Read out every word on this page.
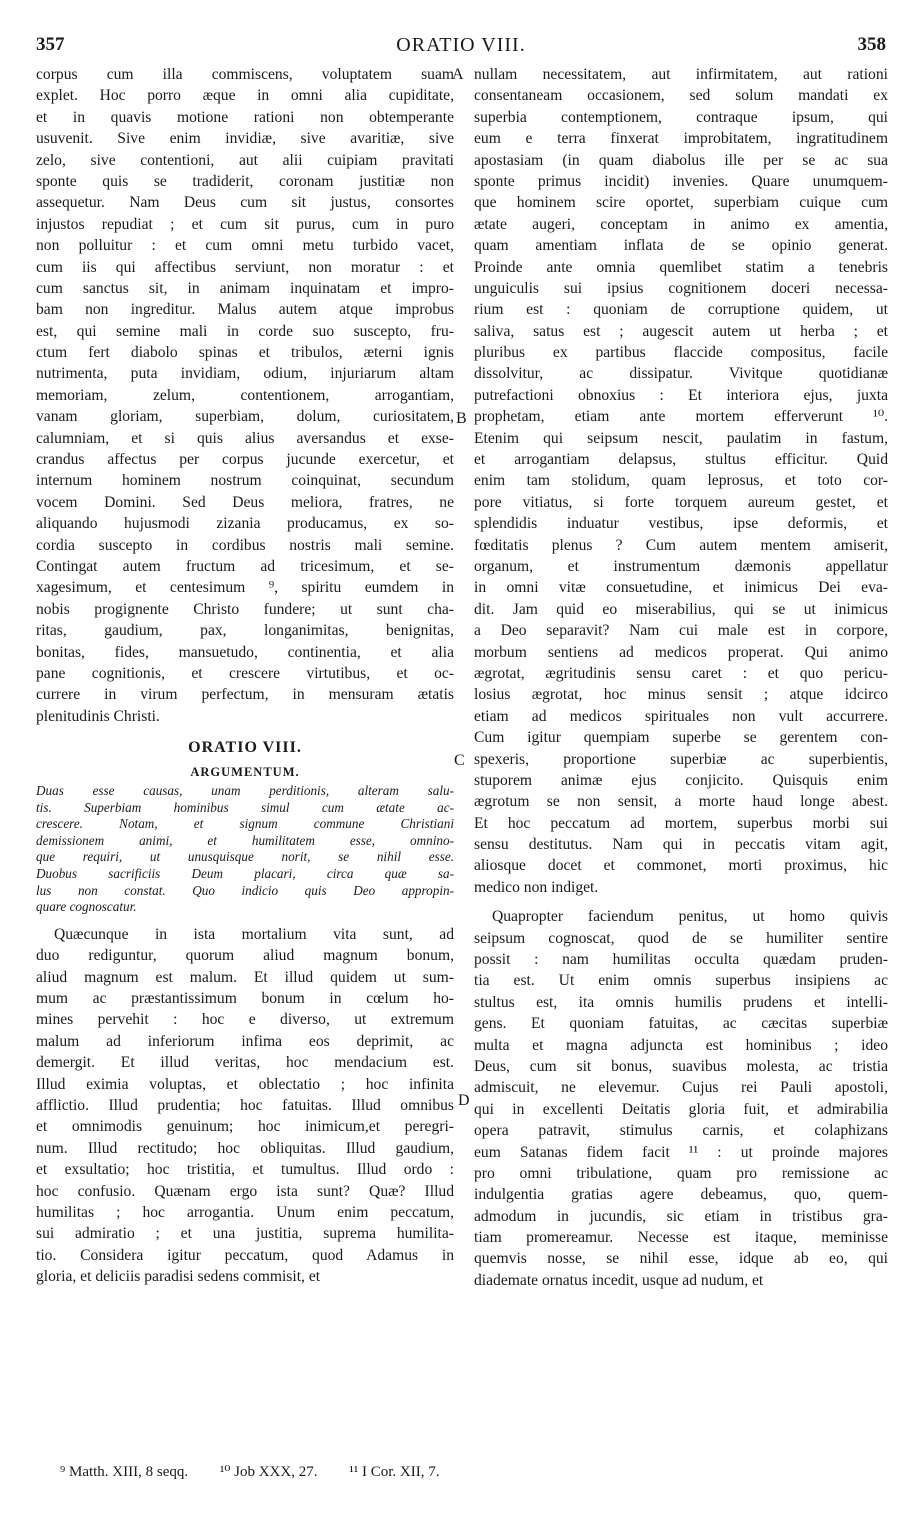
357	ORATIO VIII.	358
corpus cum illa commiscens, voluptatem suam
explet. Hoc porro æque in omni alia cupiditate,
et in quavis motione rationi non obtemperante
usuvenit. Sive enim invidiæ, sive avaritiæ, sive
zelo, sive contentioni, aut alii cuipiam pravitati
sponte quis se tradiderit, coronam justitiæ non
assequetur. Nam Deus cum sit justus, consortes
injustos repudiat ; et cum sit purus, cum in puro
non polluitur : et cum omni metu turbido vacet,
cum iis qui affectibus serviunt, non moratur : et
cum sanctus sit, in animam inquinatam et impro-
bam non ingreditur. Malus autem atque improbus
est, qui semine mali in corde suo suscepto, fru-
ctum fert diabolo spinas et tribulos, æterni ignis
nutrimenta, puta invidiam, odium, injuriarum altam
memoriam, zelum, contentionem, arrogantiam,
vanam gloriam, superbiam, dolum, curiositatem,
calumniam, et si quis alius aversandus et exse-
crandus affectus per corpus jucunde exercetur, et
internum hominem nostrum coinquinat, secundum
vocem Domini. Sed Deus meliora, fratres, ne
aliquando hujusmodi zizania producamus, ex so-
cordia suscepto in cordibus nostris mali semine.
Contingat autem fructum ad tricesimum, et se-
xagesimum, et centesimum ⁹, spiritu eumdem in
nobis progignente Christo fundere; ut sunt cha-
ritas, gaudium, pax, longanimitas, benignitas,
bonitas, fides, mansuetudo, continentia, et alia
pane cognitionis, et crescere virtutibus, et oc-
currere in virum perfectum, in mensuram ætatis
plenitudinis Christi.
ORATIO VIII.
ARGUMENTUM.
Duas esse causas, unam perditionis, alteram salu-
tis. Superbiam hominibus simul cum ætate ac-
crescere. Notam, et signum commune Christiani
demissionem animi, et humilitatem esse, omnino-
que requiri, ut unusquisque norit, se nihil esse.
Duobus sacrificiis Deum placari, circa quæ sa-
lus non constat. Quo indicio quis Deo appropin-
quare cognoscatur.
Quæcunque in ista mortalium vita sunt, ad
duo rediguntur, quorum aliud magnum bonum,
aliud magnum est malum. Et illud quidem ut sum-
mum ac præstantissimum bonum in cœlum ho-
mines pervehit : hoc e diverso, ut extremum
malum ad inferiorum infima eos deprimit, ac
demergit. Et illud veritas, hoc mendacium est.
Illud eximia voluptas, et oblectatio ; hoc infinita
afflictio. Illud prudentia; hoc fatuitas. Illud omnibus
et omnimodis genuinum; hoc inimicum,et peregri-
num. Illud rectitudo; hoc obliquitas. Illud gaudium,
et exsultatio; hoc tristitia, et tumultus. Illud ordo :
hoc confusio. Quænam ergo ista sunt? Quæ? Illud
humilitas ; hoc arrogantia. Unum enim peccatum,
sui admiratio ; et una justitia, suprema humilita-
tio. Considera igitur peccatum, quod Adamus in
gloria, et deliciis paradisi sedens commisit, et
nullam necessitatem, aut infirmitatem, aut rationi
consentaneam occasionem, sed solum mandati ex
superbia contemptionem, contraque ipsum, qui
eum e terra finxerat improbitatem, ingratitudinem
apostasiam (in quam diabolus ille per se ac sua
sponte primus incidit) invenies. Quare unumquem-
que hominem scire oportet, superbiam cuique cum
ætate augeri, conceptam in animo ex amentia,
quam amentiam inflata de se opinio generat.
Proinde ante omnia quemlibet statim a tenebris
unguiculis sui ipsius cognitionem doceri necessa-
rium est : quoniam de corruptione quidem, ut
saliva, satus est ; augescit autem ut herba ; et
pluribus ex partibus flaccide compositus, facile
dissolvitur, ac dissipatur. Vivitque quotidianæ
putrefactioni obnoxius : Et interiora ejus, juxta
prophetam, etiam ante mortem efferverunt ¹⁰.
Etenim qui seipsum nescit, paulatim in fastum,
et arrogantiam delapsus, stultus efficitur. Quid
enim tam stolidum, quam leprosus, et toto cor-
pore vitiatus, si forte torquem aureum gestet, et
splendidis induatur vestibus, ipse deformis, et
fœditatis plenus ? Cum autem mentem amiserit,
organum, et instrumentum dæmonis appellatur
in omni vitæ consuetudine, et inimicus Dei eva-
dit. Jam quid eo miserabilius, qui se ut inimicus
a Deo separavit? Nam cui male est in corpore,
morbum sentiens ad medicos properat. Qui animo
ægrotat, ægritudinis sensu caret : et quo pericu-
losius ægrotat, hoc minus sensit ; atque idcirco
etiam ad medicos spirituales non vult accurrere.
Cum igitur quempiam superbe se gerentem con-
spexeris, proportione superbiæ ac superbientis,
stuporem animæ ejus conjicito. Quisquis enim
ægrotum se non sensit, a morte haud longe abest.
Et hoc peccatum ad mortem, superbus morbi sui
sensu destitutus. Nam qui in peccatis vitam agit,
aliosque docet et commonet, morti proximus, hic
medico non indiget.
Quapropter faciendum penitus, ut homo quivis
seipsum cognoscat, quod de se humiliter sentire
possit : nam humilitas occulta quædam pruden-
tia est. Ut enim omnis superbus insipiens ac
stultus est, ita omnis humilis prudens et intelli-
gens. Et quoniam fatuitas, ac cæcitas superbiæ
multa et magna adjuncta est hominibus ; ideo
Deus, cum sit bonus, suavibus molesta, ac tristia
admiscuit, ne elevemur. Cujus rei Pauli apostoli,
qui in excellenti Deitatis gloria fuit, et admirabilia
opera patravit, stimulus carnis, et colaphizans
eum Satanas fidem facit ¹¹ : ut proinde majores
pro omni tribulatione, quam pro remissione ac
indulgentia gratias agere debeamus, quo, quem-
admodum in jucundis, sic etiam in tristibus gra-
tiam promereamur. Necesse est itaque, meminisse
quemvis nosse, se nihil esse, idque ab eo, qui
diademate ornatus incedit, usque ad nudum, et
A
B
C
D
⁹ Matth. XIII, 8 seqq. ¹⁰ Job XXX, 27. ¹¹ I Cor. XII, 7.
